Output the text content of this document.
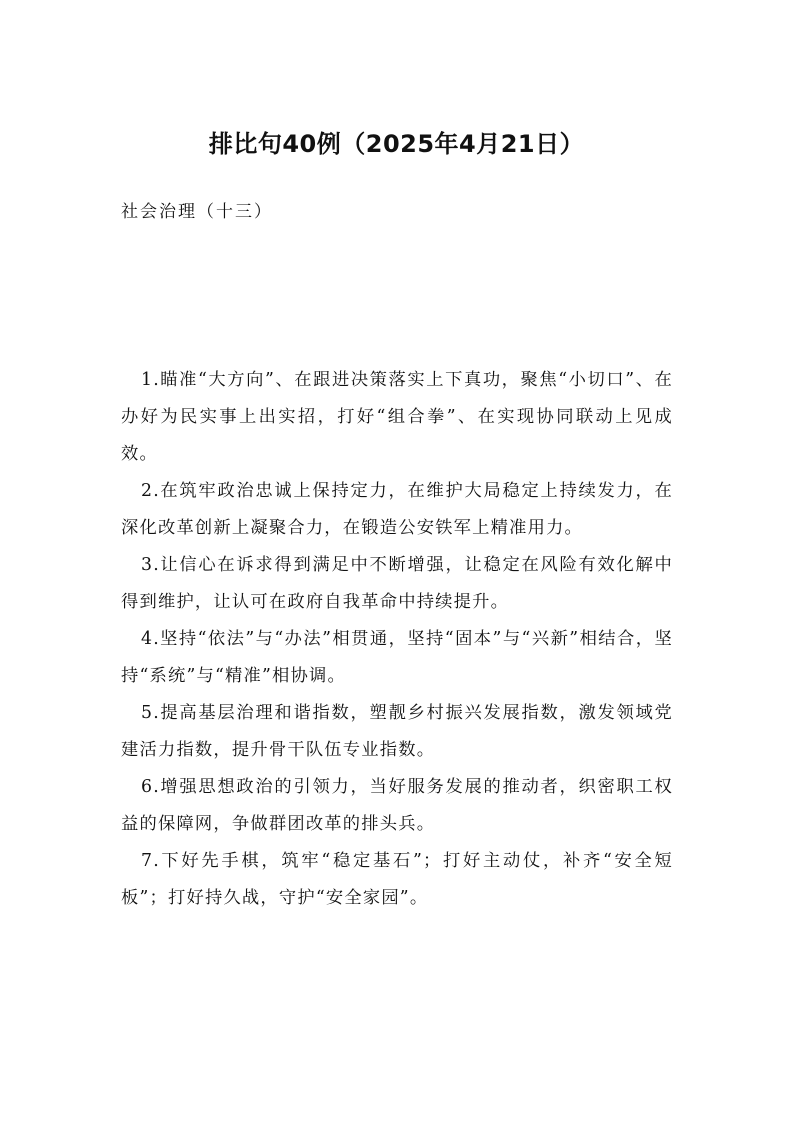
排比句40例（2025年4月21日）
社会治理（十三）

1.瞄准“大方向”、在跟进决策落实上下真功，聚焦“小切口”、在办好为民实事上出实招，打好“组合拳”、在实现协同联动上见成效。

2.在筑牢政治忠诚上保持定力，在维护大局稳定上持续发力，在深化改革创新上凝聚合力，在锻造公安铁军上精准用力。

3.让信心在诉求得到满足中不断增强，让稳定在风险有效化解中得到维护，让认可在政府自我革命中持续提升。

4.坚持“依法”与“办法”相贯通，坚持“固本”与“兴新”相结合，坚持“系统”与“精准”相协调。

5.提高基层治理和谐指数，塑靓乡村振兴发展指数，激发领域党建活力指数，提升骨干队伍专业指数。

6.增强思想政治的引领力，当好服务发展的推动者，织密职工权益的保障网，争做群团改革的排头兵。

7.下好先手棋，筑牢“稳定基石”；打好主动仗，补齐“安全短板”；打好持久战，守护“安全家园”。
